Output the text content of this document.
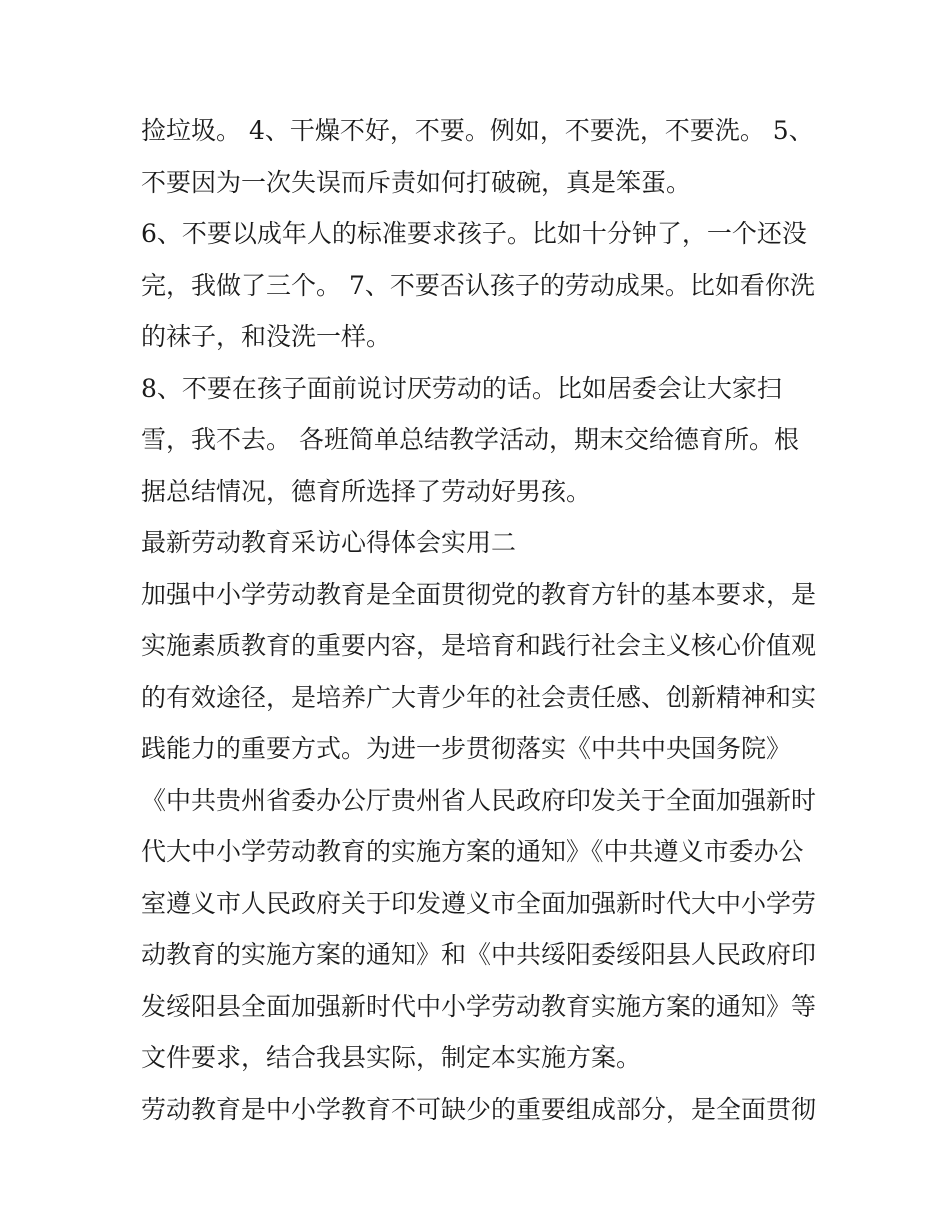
捡垃圾。 4、干燥不好，不要。例如，不要洗，不要洗。 5、
不要因为一次失误而斥责如何打破碗，真是笨蛋。
6、不要以成年人的标准要求孩子。比如十分钟了，一个还没
完，我做了三个。 7、不要否认孩子的劳动成果。比如看你洗
的袜子，和没洗一样。
8、不要在孩子面前说讨厌劳动的话。比如居委会让大家扫
雪，我不去。 各班简单总结教学活动，期末交给德育所。根
据总结情况，德育所选择了劳动好男孩。
最新劳动教育采访心得体会实用二
加强中小学劳动教育是全面贯彻党的教育方针的基本要求，是
实施素质教育的重要内容，是培育和践行社会主义核心价值观
的有效途径，是培养广大青少年的社会责任感、创新精神和实
践能力的重要方式。为进一步贯彻落实《中共中央国务院》
《中共贵州省委办公厅贵州省人民政府印发关于全面加强新时
代大中小学劳动教育的实施方案的通知》《中共遵义市委办公
室遵义市人民政府关于印发遵义市全面加强新时代大中小学劳
动教育的实施方案的通知》和《中共绥阳委绥阳县人民政府印
发绥阳县全面加强新时代中小学劳动教育实施方案的通知》等
文件要求，结合我县实际，制定本实施方案。
劳动教育是中小学教育不可缺少的重要组成部分，是全面贯彻
